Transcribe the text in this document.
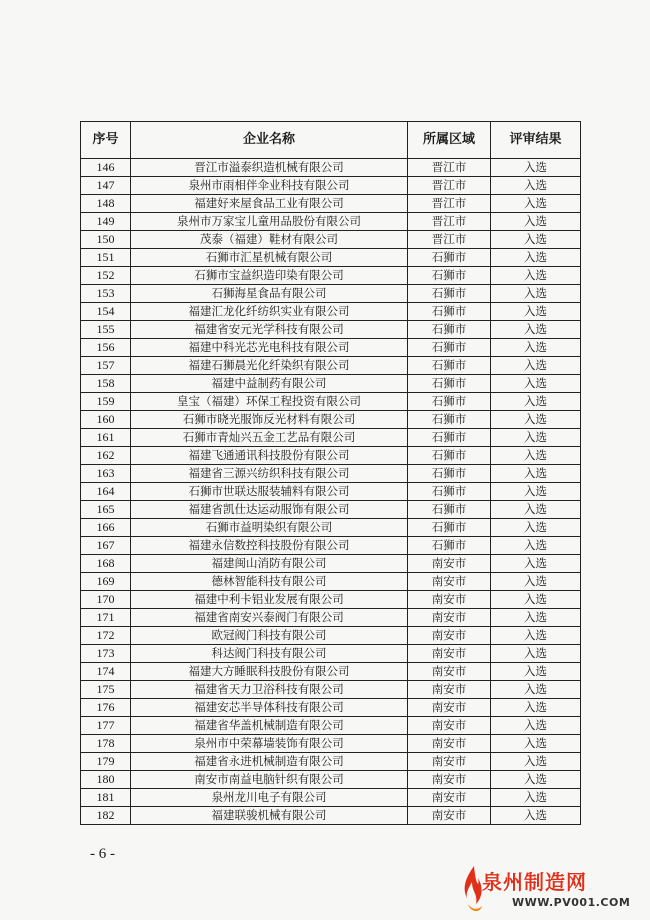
序号	企业名称	所属区域	评审结果
146	晋江市溢泰织造机械有限公司	晋江市	入选
147	泉州市雨相伴伞业科技有限公司	晋江市	入选
148	福建好来屋食品工业有限公司	晋江市	入选
149	泉州市万家宝儿童用品股份有限公司	晋江市	入选
150	茂泰（福建）鞋材有限公司	晋江市	入选
151	石狮市汇星机械有限公司	石狮市	入选
152	石狮市宝益织造印染有限公司	石狮市	入选
153	石狮海星食品有限公司	石狮市	入选
154	福建汇龙化纤纺织实业有限公司	石狮市	入选
155	福建省安元光学科技有限公司	石狮市	入选
156	福建中科光芯光电科技有限公司	石狮市	入选
157	福建石狮晨光化纤染织有限公司	石狮市	入选
158	福建中益制药有限公司	石狮市	入选
159	皇宝（福建）环保工程投资有限公司	石狮市	入选
160	石狮市晓光服饰反光材料有限公司	石狮市	入选
161	石狮市青灿兴五金工艺品有限公司	石狮市	入选
162	福建飞通通讯科技股份有限公司	石狮市	入选
163	福建省三源兴纺织科技有限公司	石狮市	入选
164	石狮市世联达服装辅料有限公司	石狮市	入选
165	福建省凯仕达运动服饰有限公司	石狮市	入选
166	石狮市益明染织有限公司	石狮市	入选
167	福建永信数控科技股份有限公司	石狮市	入选
168	福建闽山消防有限公司	南安市	入选
169	德林智能科技有限公司	南安市	入选
170	福建中利卡铝业发展有限公司	南安市	入选
171	福建省南安兴泰阀门有限公司	南安市	入选
172	欧冠阀门科技有限公司	南安市	入选
173	科达阀门科技有限公司	南安市	入选
174	福建大方睡眠科技股份有限公司	南安市	入选
175	福建省天力卫浴科技有限公司	南安市	入选
176	福建安芯半导体科技有限公司	南安市	入选
177	福建省华盖机械制造有限公司	南安市	入选
178	泉州市中荣幕墙装饰有限公司	南安市	入选
179	福建省永进机械制造有限公司	南安市	入选
180	南安市南益电脑针织有限公司	南安市	入选
181	泉州龙川电子有限公司	南安市	入选
182	福建联骏机械有限公司	南安市	入选
- 6 -
泉州制造网
WWW.PV001.COM
